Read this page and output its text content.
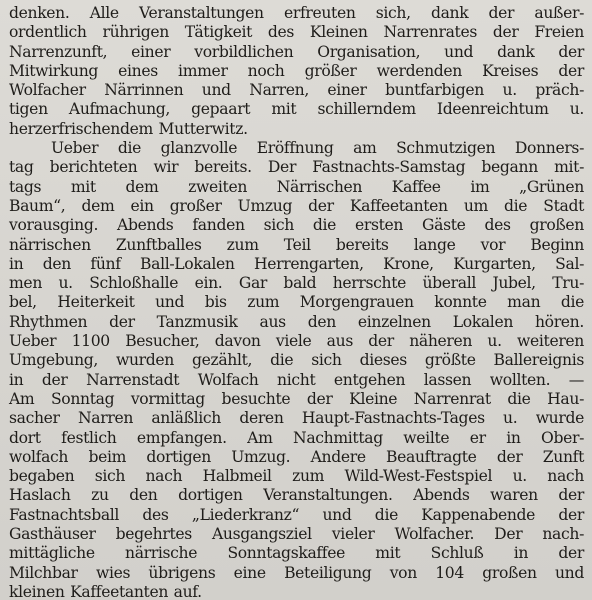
denken. Alle Veranstaltungen erfreuten sich, dank der außer-
ordentlich rührigen Tätigkeit des Kleinen Narrenrates der Freien
Narrenzunft, einer vorbildlichen Organisation, und dank der
Mitwirkung eines immer noch größer werdenden Kreises der
Wolfacher Närrinnen und Narren, einer buntfarbigen u. präch-
tigen Aufmachung, gepaart mit schillerndem Ideenreichtum u.
herzerfrischendem Mutterwitz.
Ueber die glanzvolle Eröffnung am Schmutzigen Donners-
tag berichteten wir bereits. Der Fastnachts-Samstag begann mit-
tags mit dem zweiten Närrischen Kaffee im „Grünen
Baum“, dem ein großer Umzug der Kaffeetanten um die Stadt
vorausging. Abends fanden sich die ersten Gäste des großen
närrischen Zunftballes zum Teil bereits lange vor Beginn
in den fünf Ball-Lokalen Herrengarten, Krone, Kurgarten, Sal-
men u. Schloßhalle ein. Gar bald herrschte überall Jubel, Tru-
bel, Heiterkeit und bis zum Morgengrauen konnte man die
Rhythmen der Tanzmusik aus den einzelnen Lokalen hören.
Ueber 1100 Besucher, davon viele aus der näheren u. weiteren
Umgebung, wurden gezählt, die sich dieses größte Ballereignis
in der Narrenstadt Wolfach nicht entgehen lassen wollten. —
Am Sonntag vormittag besuchte der Kleine Narrenrat die Hau-
sacher Narren anläßlich deren Haupt-Fastnachts-Tages u. wurde
dort festlich empfangen. Am Nachmittag weilte er in Ober-
wolfach beim dortigen Umzug. Andere Beauftragte der Zunft
begaben sich nach Halbmeil zum Wild-West-Festspiel u. nach
Haslach zu den dortigen Veranstaltungen. Abends waren der
Fastnachtsball des „Liederkranz“ und die Kappenabende der
Gasthäuser begehrtes Ausgangsziel vieler Wolfacher. Der nach-
mittägliche närrische Sonntagskaffee mit Schluß in der
Milchbar wies übrigens eine Beteiligung von 104 großen und
kleinen Kaffeetanten auf.
